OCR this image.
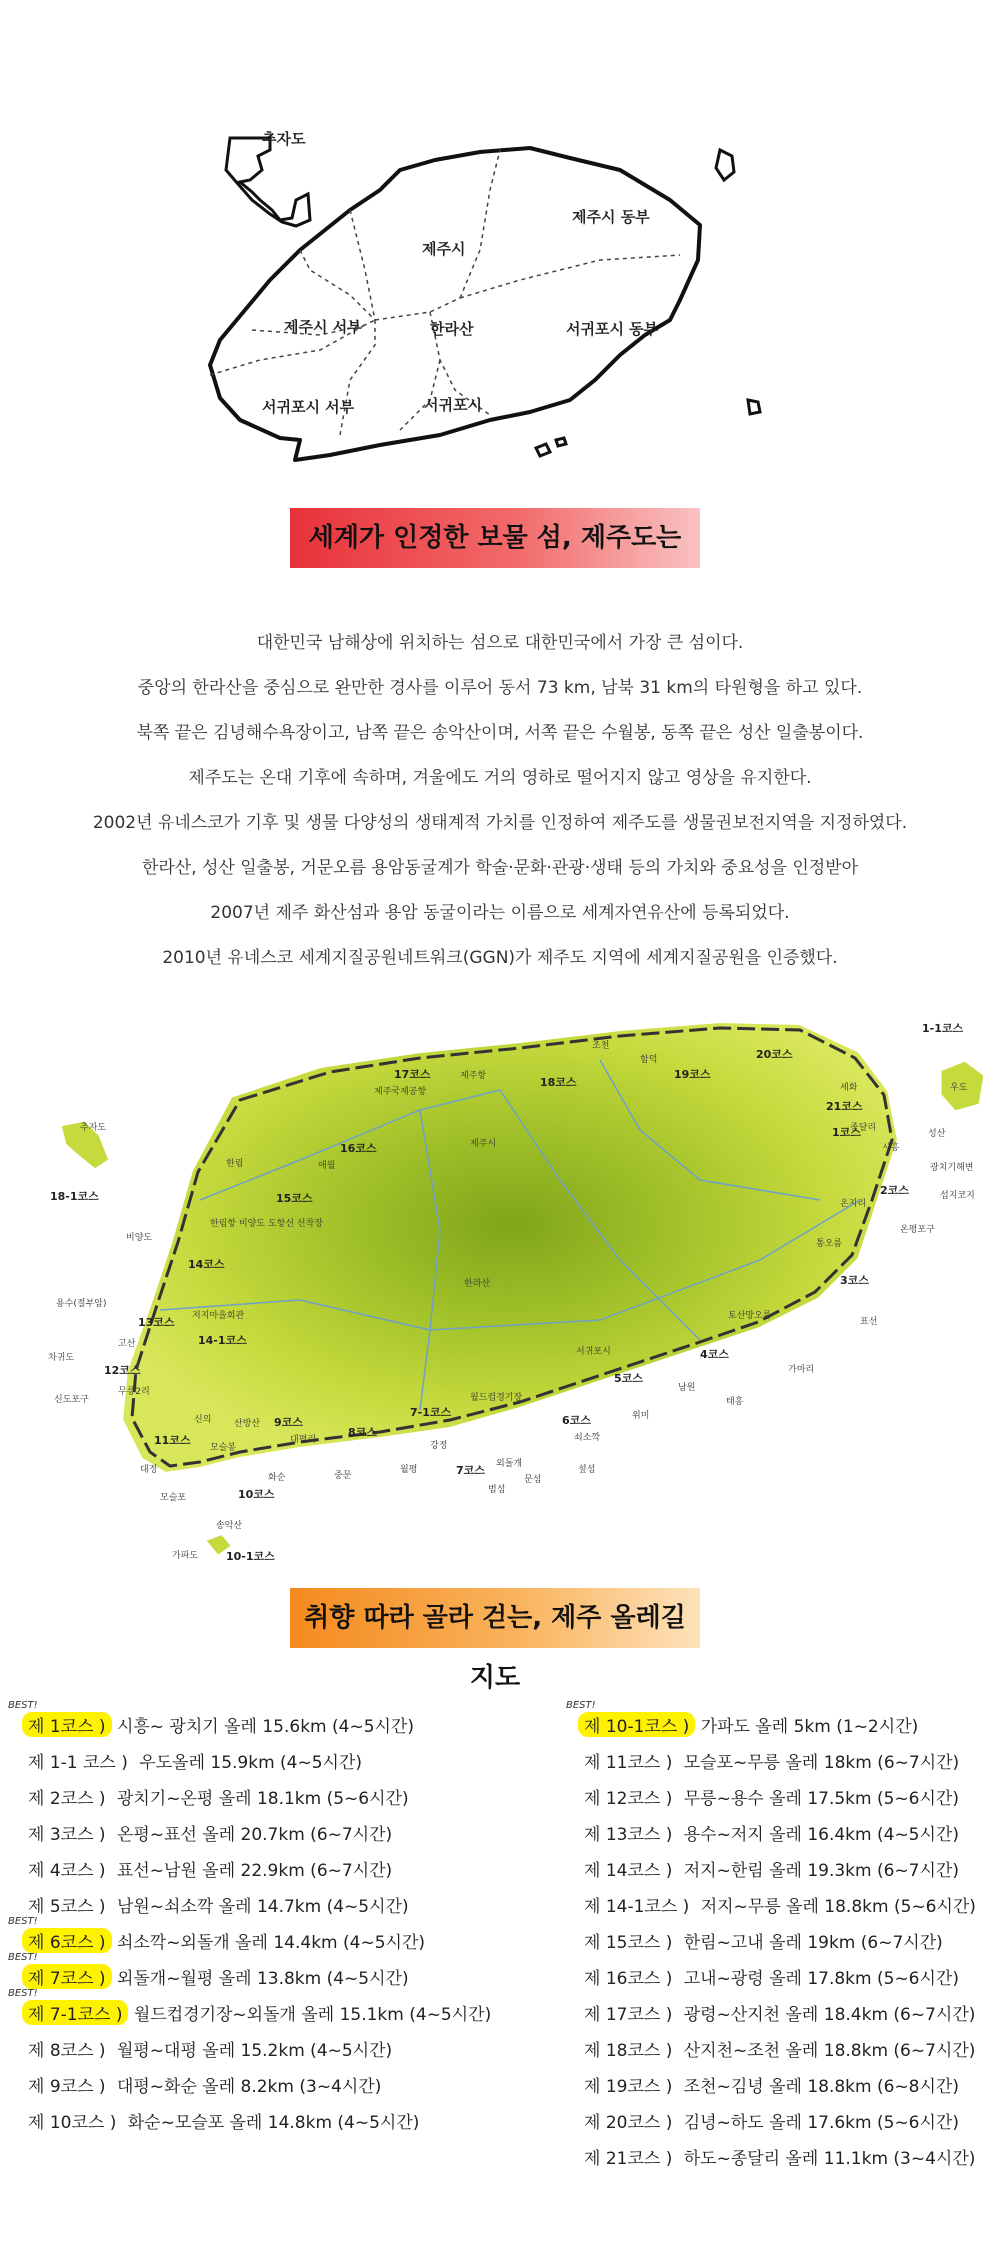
추자도
제주시 동부
제주시
제주시 서부	한라산	서귀포시 동부
서귀포시 서부	서귀포시
세계가 인정한 보물 섬, 제주도는
대한민국 남해상에 위치하는 섬으로 대한민국에서 가장 큰 섬이다.
중앙의 한라산을 중심으로 완만한 경사를 이루어 동서 73 km, 남북 31 km의 타원형을 하고 있다.
북쪽 끝은 김녕해수욕장이고, 남쪽 끝은 송악산이며, 서쪽 끝은 수월봉, 동쪽 끝은 성산 일출봉이다.
제주도는 온대 기후에 속하며, 겨울에도 거의 영하로 떨어지지 않고 영상을 유지한다.
2002년 유네스코가 기후 및 생물 다양성의 생태계적 가치를 인정하여 제주도를 생물권보전지역을 지정하였다.
한라산, 성산 일출봉, 거문오름 용암동굴계가 학술·문화·관광·생태 등의 가치와 중요성을 인정받아
2007년 제주 화산섬과 용암 동굴이라는 이름으로 세계자연유산에 등록되었다.
2010년 유네스코 세계지질공원네트워크(GGN)가 제주도 지역에 세계지질공원을 인증했다.
추자도
조천
함덕
제주항
제주국제공항
제주시
한림	애월
비양도
한림항 비양도 도항선 선착장
용수(절부암)
저지마을회관
고산
차귀도
무릉2리
신도포구
한라산
서귀포시
월드컵경기장
세화
종달리
우도
성산
시흥
광치기해변
섭지코지
온평포구
온지리
통오름
표선
토산망오름
가마리
남원
태흥
위미
쇠소깍
섶섬
문섬
범섬
외돌개
강정
월평
대평리
중문
화순
산방산
모슬봉
신의
대정
모슬포
송악산
가파도
1-1코스
20코스
19코스
18코스
17코스
21코스
1코스
16코스
15코스
18-1코스	2코스
14코스
3코스
13코스
14-1코스
4코스
12코스
5코스
7-1코스
6코스
9코스
8코스
11코스
7코스
10코스
10-1코스
취향 따라 골라 걷는, 제주 올레길 지도
BEST!
제 1코스 ) 시흥~ 광치기 올레 15.6km (4~5시간)
제 1-1 코스 ) 우도올레 15.9km (4~5시간)
제 2코스 ) 광치기~온평 올레 18.1km (5~6시간)
제 3코스 ) 온평~표선 올레 20.7km (6~7시간)
제 4코스 ) 표선~남원 올레 22.9km (6~7시간)
제 5코스 ) 남원~쇠소깍 올레 14.7km (4~5시간)
BEST!
제 6코스 ) 쇠소깍~외돌개 올레 14.4km (4~5시간)
BEST!
제 7코스 ) 외돌개~월평 올레 13.8km (4~5시간)
BEST!
제 7-1코스 ) 월드컵경기장~외돌개 올레 15.1km (4~5시간)
제 8코스 ) 월평~대평 올레 15.2km (4~5시간)
제 9코스 ) 대평~화순 올레 8.2km (3~4시간)
제 10코스 ) 화순~모슬포 올레 14.8km (4~5시간)
BEST!
제 10-1코스 ) 가파도 올레 5km (1~2시간)
제 11코스 ) 모슬포~무릉 올레 18km (6~7시간)
제 12코스 ) 무릉~용수 올레 17.5km (5~6시간)
제 13코스 ) 용수~저지 올레 16.4km (4~5시간)
제 14코스 ) 저지~한림 올레 19.3km (6~7시간)
제 14-1코스 ) 저지~무릉 올레 18.8km (5~6시간)
제 15코스 ) 한림~고내 올레 19km (6~7시간)
제 16코스 ) 고내~광령 올레 17.8km (5~6시간)
제 17코스 ) 광령~산지천 올레 18.4km (6~7시간)
제 18코스 ) 산지천~조천 올레 18.8km (6~7시간)
제 19코스 ) 조천~김녕 올레 18.8km (6~8시간)
제 20코스 ) 김녕~하도 올레 17.6km (5~6시간)
제 21코스 ) 하도~종달리 올레 11.1km (3~4시간)
